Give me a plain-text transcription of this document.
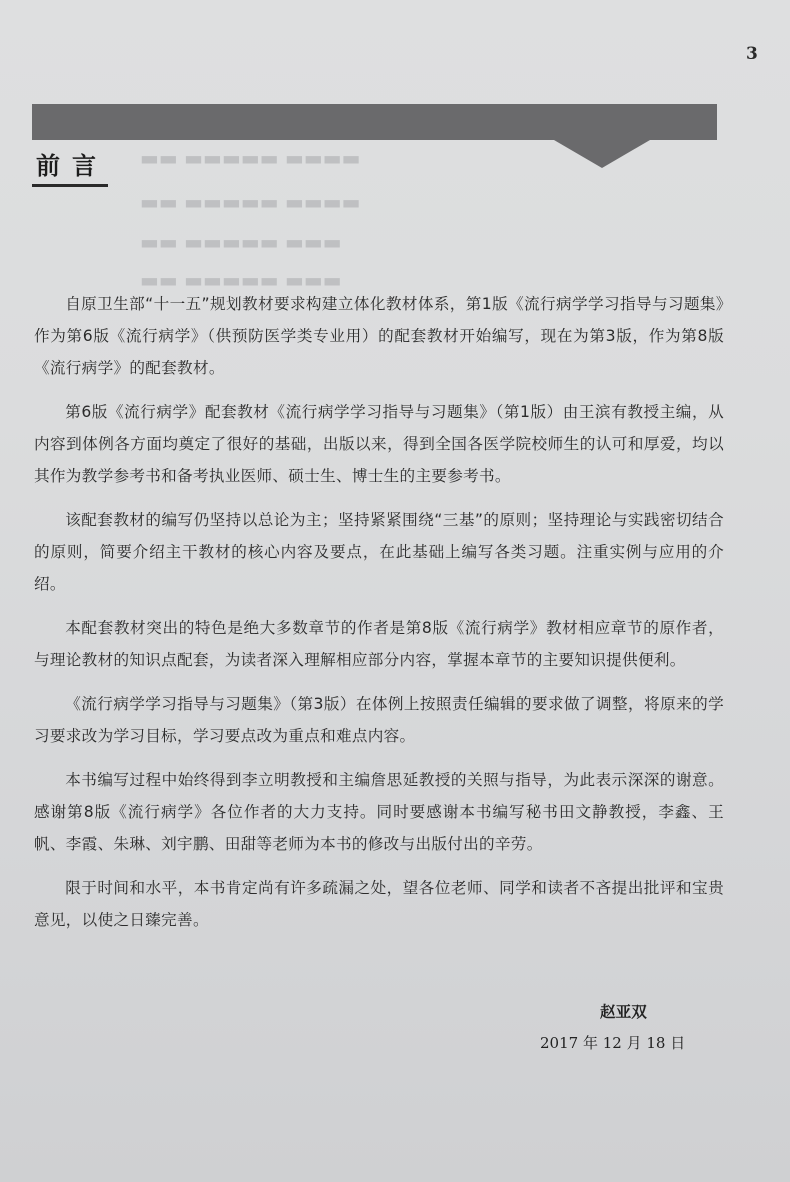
3
▬▬ ▬▬▬▬▬ ▬▬▬▬
▬▬ ▬▬▬▬▬ ▬▬▬▬
▬▬ ▬▬▬▬▬ ▬▬▬
▬▬ ▬▬▬▬▬ ▬▬▬
前言

自原卫生部“十一五”规划教材要求构建立体化教材体系，第1版《流行病学学习指导与习题集》作为第6版《流行病学》（供预防医学类专业用）的配套教材开始编写，现在为第3版，作为第8版《流行病学》的配套教材。

第6版《流行病学》配套教材《流行病学学习指导与习题集》（第1版）由王滨有教授主编，从内容到体例各方面均奠定了很好的基础，出版以来，得到全国各医学院校师生的认可和厚爱，均以其作为教学参考书和备考执业医师、硕士生、博士生的主要参考书。

该配套教材的编写仍坚持以总论为主；坚持紧紧围绕“三基”的原则；坚持理论与实践密切结合的原则，简要介绍主干教材的核心内容及要点，在此基础上编写各类习题。注重实例与应用的介绍。

本配套教材突出的特色是绝大多数章节的作者是第8版《流行病学》教材相应章节的原作者，与理论教材的知识点配套，为读者深入理解相应部分内容，掌握本章节的主要知识提供便利。

《流行病学学习指导与习题集》（第3版）在体例上按照责任编辑的要求做了调整，将原来的学习要求改为学习目标，学习要点改为重点和难点内容。

本书编写过程中始终得到李立明教授和主编詹思延教授的关照与指导，为此表示深深的谢意。感谢第8版《流行病学》各位作者的大力支持。同时要感谢本书编写秘书田文静教授，李鑫、王帆、李霞、朱琳、刘宇鹏、田甜等老师为本书的修改与出版付出的辛劳。

限于时间和水平，本书肯定尚有许多疏漏之处，望各位老师、同学和读者不吝提出批评和宝贵意见，以使之日臻完善。

赵亚双
2017 年 12 月 18 日
